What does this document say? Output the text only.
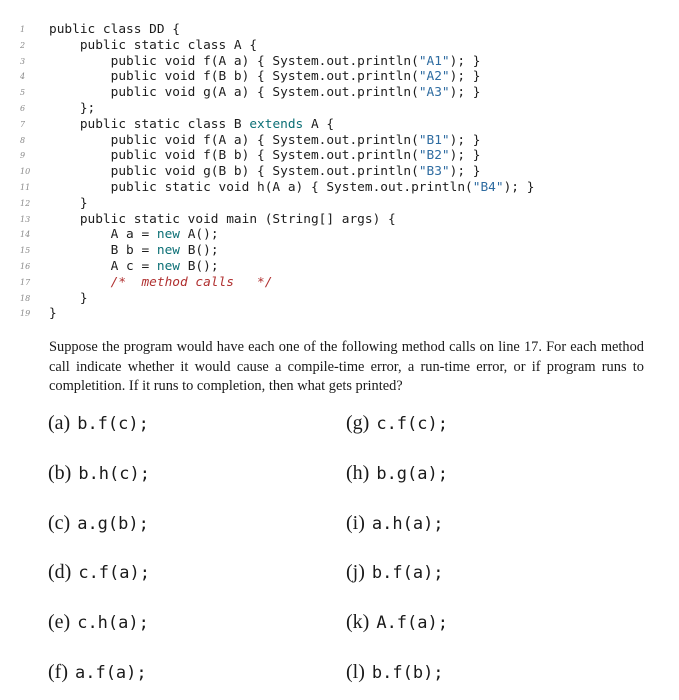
1	public class DD {
2	public static class A {
3	public void f(A a) { System.out.println("A1"); }
4	public void f(B b) { System.out.println("A2"); }
5	public void g(A a) { System.out.println("A3"); }
6	};
7	public static class B extends A {
8	public void f(A a) { System.out.println("B1"); }
9	public void f(B b) { System.out.println("B2"); }
10	public void g(B b) { System.out.println("B3"); }
11	public static void h(A a) { System.out.println("B4"); }
12	}
13	public static void main (String[] args) {
14	A a = new A();
15	B b = new B();
16	A c = new B();
17	/*  method calls   */
18	}
19	}

Suppose the program would have each one of the following method calls on line 17. For each method call indicate whether it would cause a compile-time error, a run-time error, or if program runs to completition. If it runs to completion, then what gets printed?

(a) b.f(c);
(b) b.h(c);
(c) a.g(b);
(d) c.f(a);
(e) c.h(a);
(f) a.f(a);
(g) c.f(c);
(h) b.g(a);
(i) a.h(a);
(j) b.f(a);
(k) A.f(a);
(l) b.f(b);
